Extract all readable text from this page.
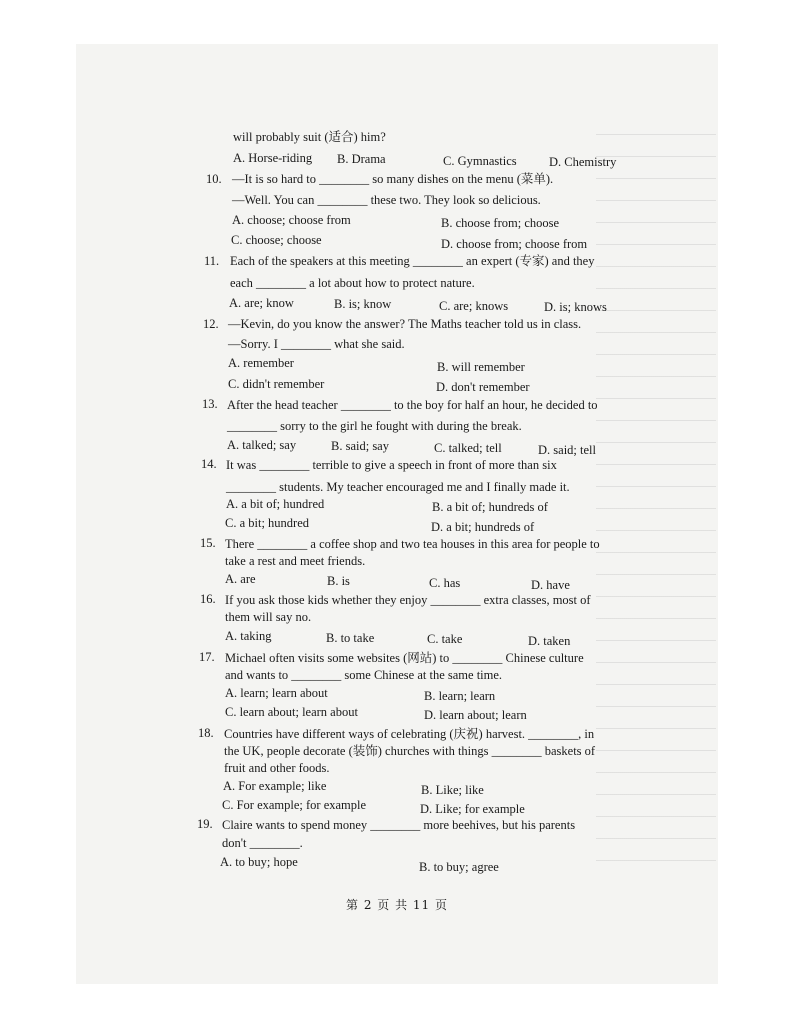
will probably suit (适合) him?
A. Horse-riding B. Drama	C. Gymnastics	D. Chemistry
10. —It is so hard to ________ so many dishes on the menu (菜单).
—Well. You can ________ these two. They look so delicious.
A. choose; choose from	B. choose from; choose
C. choose; choose	D. choose from; choose from
11. Each of the speakers at this meeting ________ an expert (专家) and they
each ________ a lot about how to protect nature.
A. are; know	B. is; know	C. are; knows	D. is; knows
12. —Kevin, do you know the answer? The Maths teacher told us in class.
—Sorry. I ________ what she said.
A. remember	B. will remember
C. didn't remember	D. don't remember
13. After the head teacher ________ to the boy for half an hour, he decided to
________ sorry to the girl he fought with during the break.
A. talked; say	B. said; say	C. talked; tell	D. said; tell
14. It was ________ terrible to give a speech in front of more than six
________ students. My teacher encouraged me and I finally made it.
A. a bit of; hundred	B. a bit of; hundreds of
C. a bit; hundred	D. a bit; hundreds of
15. There ________ a coffee shop and two tea houses in this area for people to
take a rest and meet friends.
A. are	B. is	C. has	D. have
16. If you ask those kids whether they enjoy ________ extra classes, most of
them will say no.
A. taking	B. to take	C. take	D. taken
17. Michael often visits some websites (网站) to ________ Chinese culture
and wants to ________ some Chinese at the same time.
A. learn; learn about	B. learn; learn
C. learn about; learn about	D. learn about; learn
18. Countries have different ways of celebrating (庆祝) harvest. ________, in
the UK, people decorate (装饰) churches with things ________ baskets of
fruit and other foods.
A. For example; like	B. Like; like
C. For example; for example	D. Like; for example
19. Claire wants to spend money ________ more beehives, but his parents
don't ________.
A. to buy; hope	B. to buy; agree
第 2 页 共 11 页
